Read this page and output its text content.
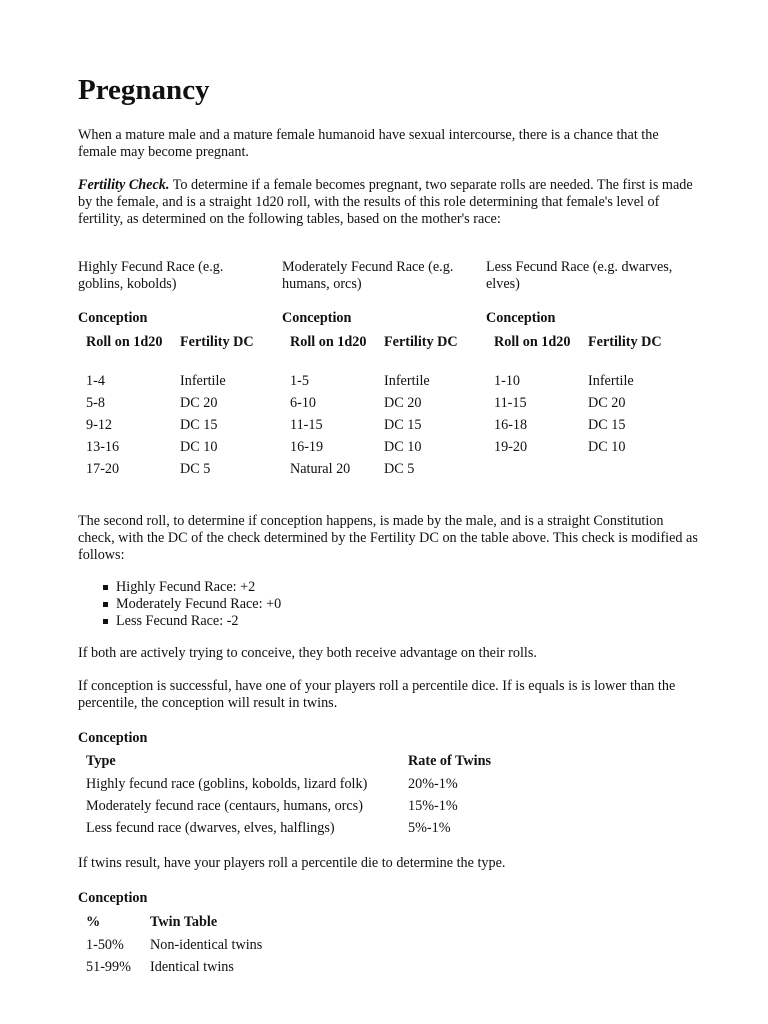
Pregnancy

When a mature male and a mature female humanoid have sexual intercourse, there is a chance that the female may become pregnant.

Fertility Check. To determine if a female becomes pregnant, two separate rolls are needed. The first is made by the female, and is a straight 1d20 roll, with the results of this role determining that female's level of fertility, as determined on the following tables, based on the mother's race:

Highly Fecund Race (e.g. goblins, kobolds)
Conception
Roll on 1d20	Fertility DC
1-4	Infertile
5-8	DC 20
9-12	DC 15
13-16	DC 10
17-20	DC 5
Moderately Fecund Race (e.g. humans, orcs)
Conception
Roll on 1d20	Fertility DC
1-5	Infertile
6-10	DC 20
11-15	DC 15
16-19	DC 10
Natural 20	DC 5
Less Fecund Race (e.g. dwarves, elves)
Conception
Roll on 1d20	Fertility DC
1-10	Infertile
11-15	DC 20
16-18	DC 15
19-20	DC 10

The second roll, to determine if conception happens, is made by the male, and is a straight Constitution check, with the DC of the check determined by the Fertility DC on the table above. This check is modified as follows:

Highly Fecund Race: +2
Moderately Fecund Race: +0
Less Fecund Race: -2

If both are actively trying to conceive, they both receive advantage on their rolls.

If conception is successful, have one of your players roll a percentile dice. If is equals is is lower than the percentile, the conception will result in twins.

Conception
Type	Rate of Twins
Highly fecund race (goblins, kobolds, lizard folk)	20%-1%
Moderately fecund race (centaurs, humans, orcs)	15%-1%
Less fecund race (dwarves, elves, halflings)	5%-1%

If twins result, have your players roll a percentile die to determine the type.

Conception
%	Twin Table
1-50%	Non-identical twins
51-99%	Identical twins
